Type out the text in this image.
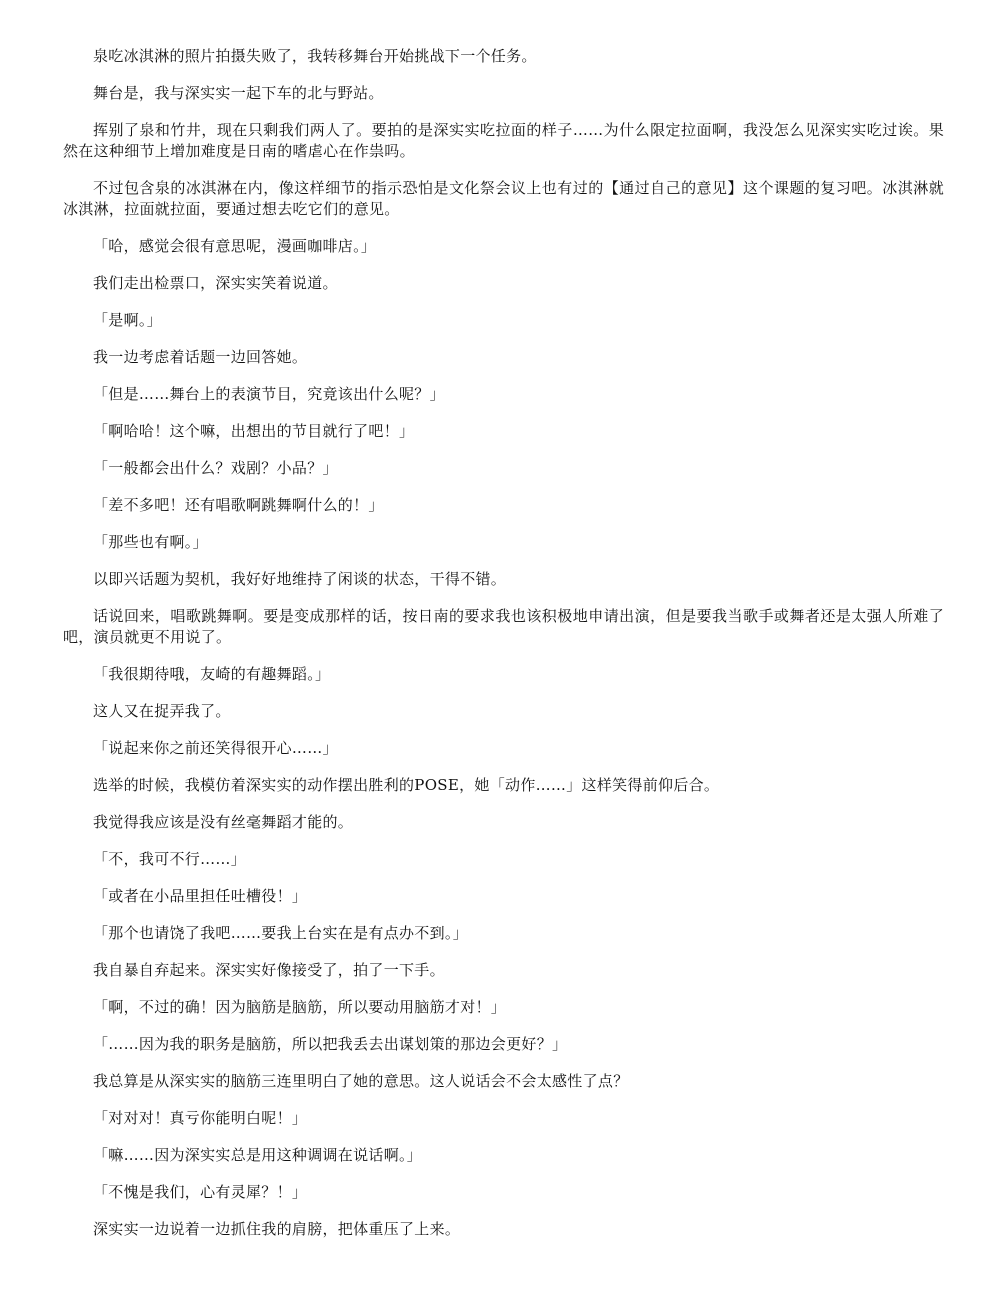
泉吃冰淇淋的照片拍摄失败了，我转移舞台开始挑战下一个任务。

舞台是，我与深实实一起下车的北与野站。

挥别了泉和竹井，现在只剩我们两人了。要拍的是深实实吃拉面的样子……为什么限定拉面啊，我没怎么见深实实吃过诶。果然在这种细节上增加难度是日南的嗜虐心在作祟吗。

不过包含泉的冰淇淋在内，像这样细节的指示恐怕是文化祭会议上也有过的【通过自己的意见】这个课题的复习吧。冰淇淋就冰淇淋，拉面就拉面，要通过想去吃它们的意见。

「哈，感觉会很有意思呢，漫画咖啡店。」

我们走出检票口，深实实笑着说道。

「是啊。」

我一边考虑着话题一边回答她。

「但是……舞台上的表演节目，究竟该出什么呢？」

「啊哈哈！这个嘛，出想出的节目就行了吧！」

「一般都会出什么？戏剧？小品？」

「差不多吧！还有唱歌啊跳舞啊什么的！」

「那些也有啊。」

以即兴话题为契机，我好好地维持了闲谈的状态，干得不错。

话说回来，唱歌跳舞啊。要是变成那样的话，按日南的要求我也该积极地申请出演，但是要我当歌手或舞者还是太强人所难了吧，演员就更不用说了。

「我很期待哦，友崎的有趣舞蹈。」

这人又在捉弄我了。

「说起来你之前还笑得很开心……」

选举的时候，我模仿着深实实的动作摆出胜利的POSE，她「动作……」这样笑得前仰后合。

我觉得我应该是没有丝毫舞蹈才能的。

「不，我可不行……」

「或者在小品里担任吐槽役！」

「那个也请饶了我吧……要我上台实在是有点办不到。」

我自暴自弃起来。深实实好像接受了，拍了一下手。

「啊，不过的确！因为脑筋是脑筋，所以要动用脑筋才对！」

「……因为我的职务是脑筋，所以把我丢去出谋划策的那边会更好？」

我总算是从深实实的脑筋三连里明白了她的意思。这人说话会不会太感性了点？

「对对对！真亏你能明白呢！」

「嘛……因为深实实总是用这种调调在说话啊。」

「不愧是我们，心有灵犀？！」

深实实一边说着一边抓住我的肩膀，把体重压了上来。
